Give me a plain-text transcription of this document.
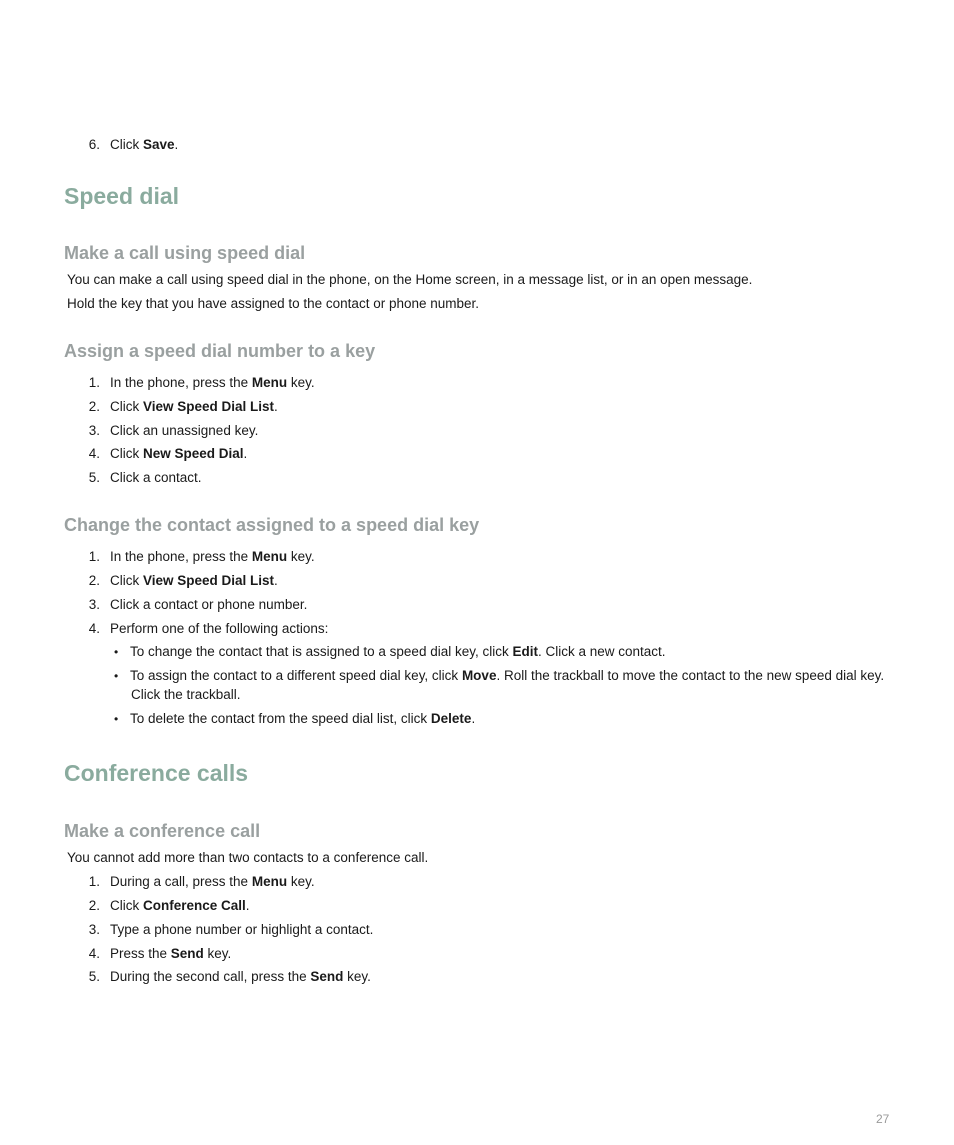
6. Click Save.
Speed dial
Make a call using speed dial
You can make a call using speed dial in the phone, on the Home screen, in a message list, or in an open message.
Hold the key that you have assigned to the contact or phone number.
Assign a speed dial number to a key
1. In the phone, press the Menu key.
2. Click View Speed Dial List.
3. Click an unassigned key.
4. Click New Speed Dial.
5. Click a contact.
Change the contact assigned to a speed dial key
1. In the phone, press the Menu key.
2. Click View Speed Dial List.
3. Click a contact or phone number.
4. Perform one of the following actions:
• To change the contact that is assigned to a speed dial key, click Edit. Click a new contact.
• To assign the contact to a different speed dial key, click Move. Roll the trackball to move the contact to the new speed dial key.
Click the trackball.
• To delete the contact from the speed dial list, click Delete.
Conference calls
Make a conference call
You cannot add more than two contacts to a conference call.
1. During a call, press the Menu key.
2. Click Conference Call.
3. Type a phone number or highlight a contact.
4. Press the Send key.
5. During the second call, press the Send key.
27
